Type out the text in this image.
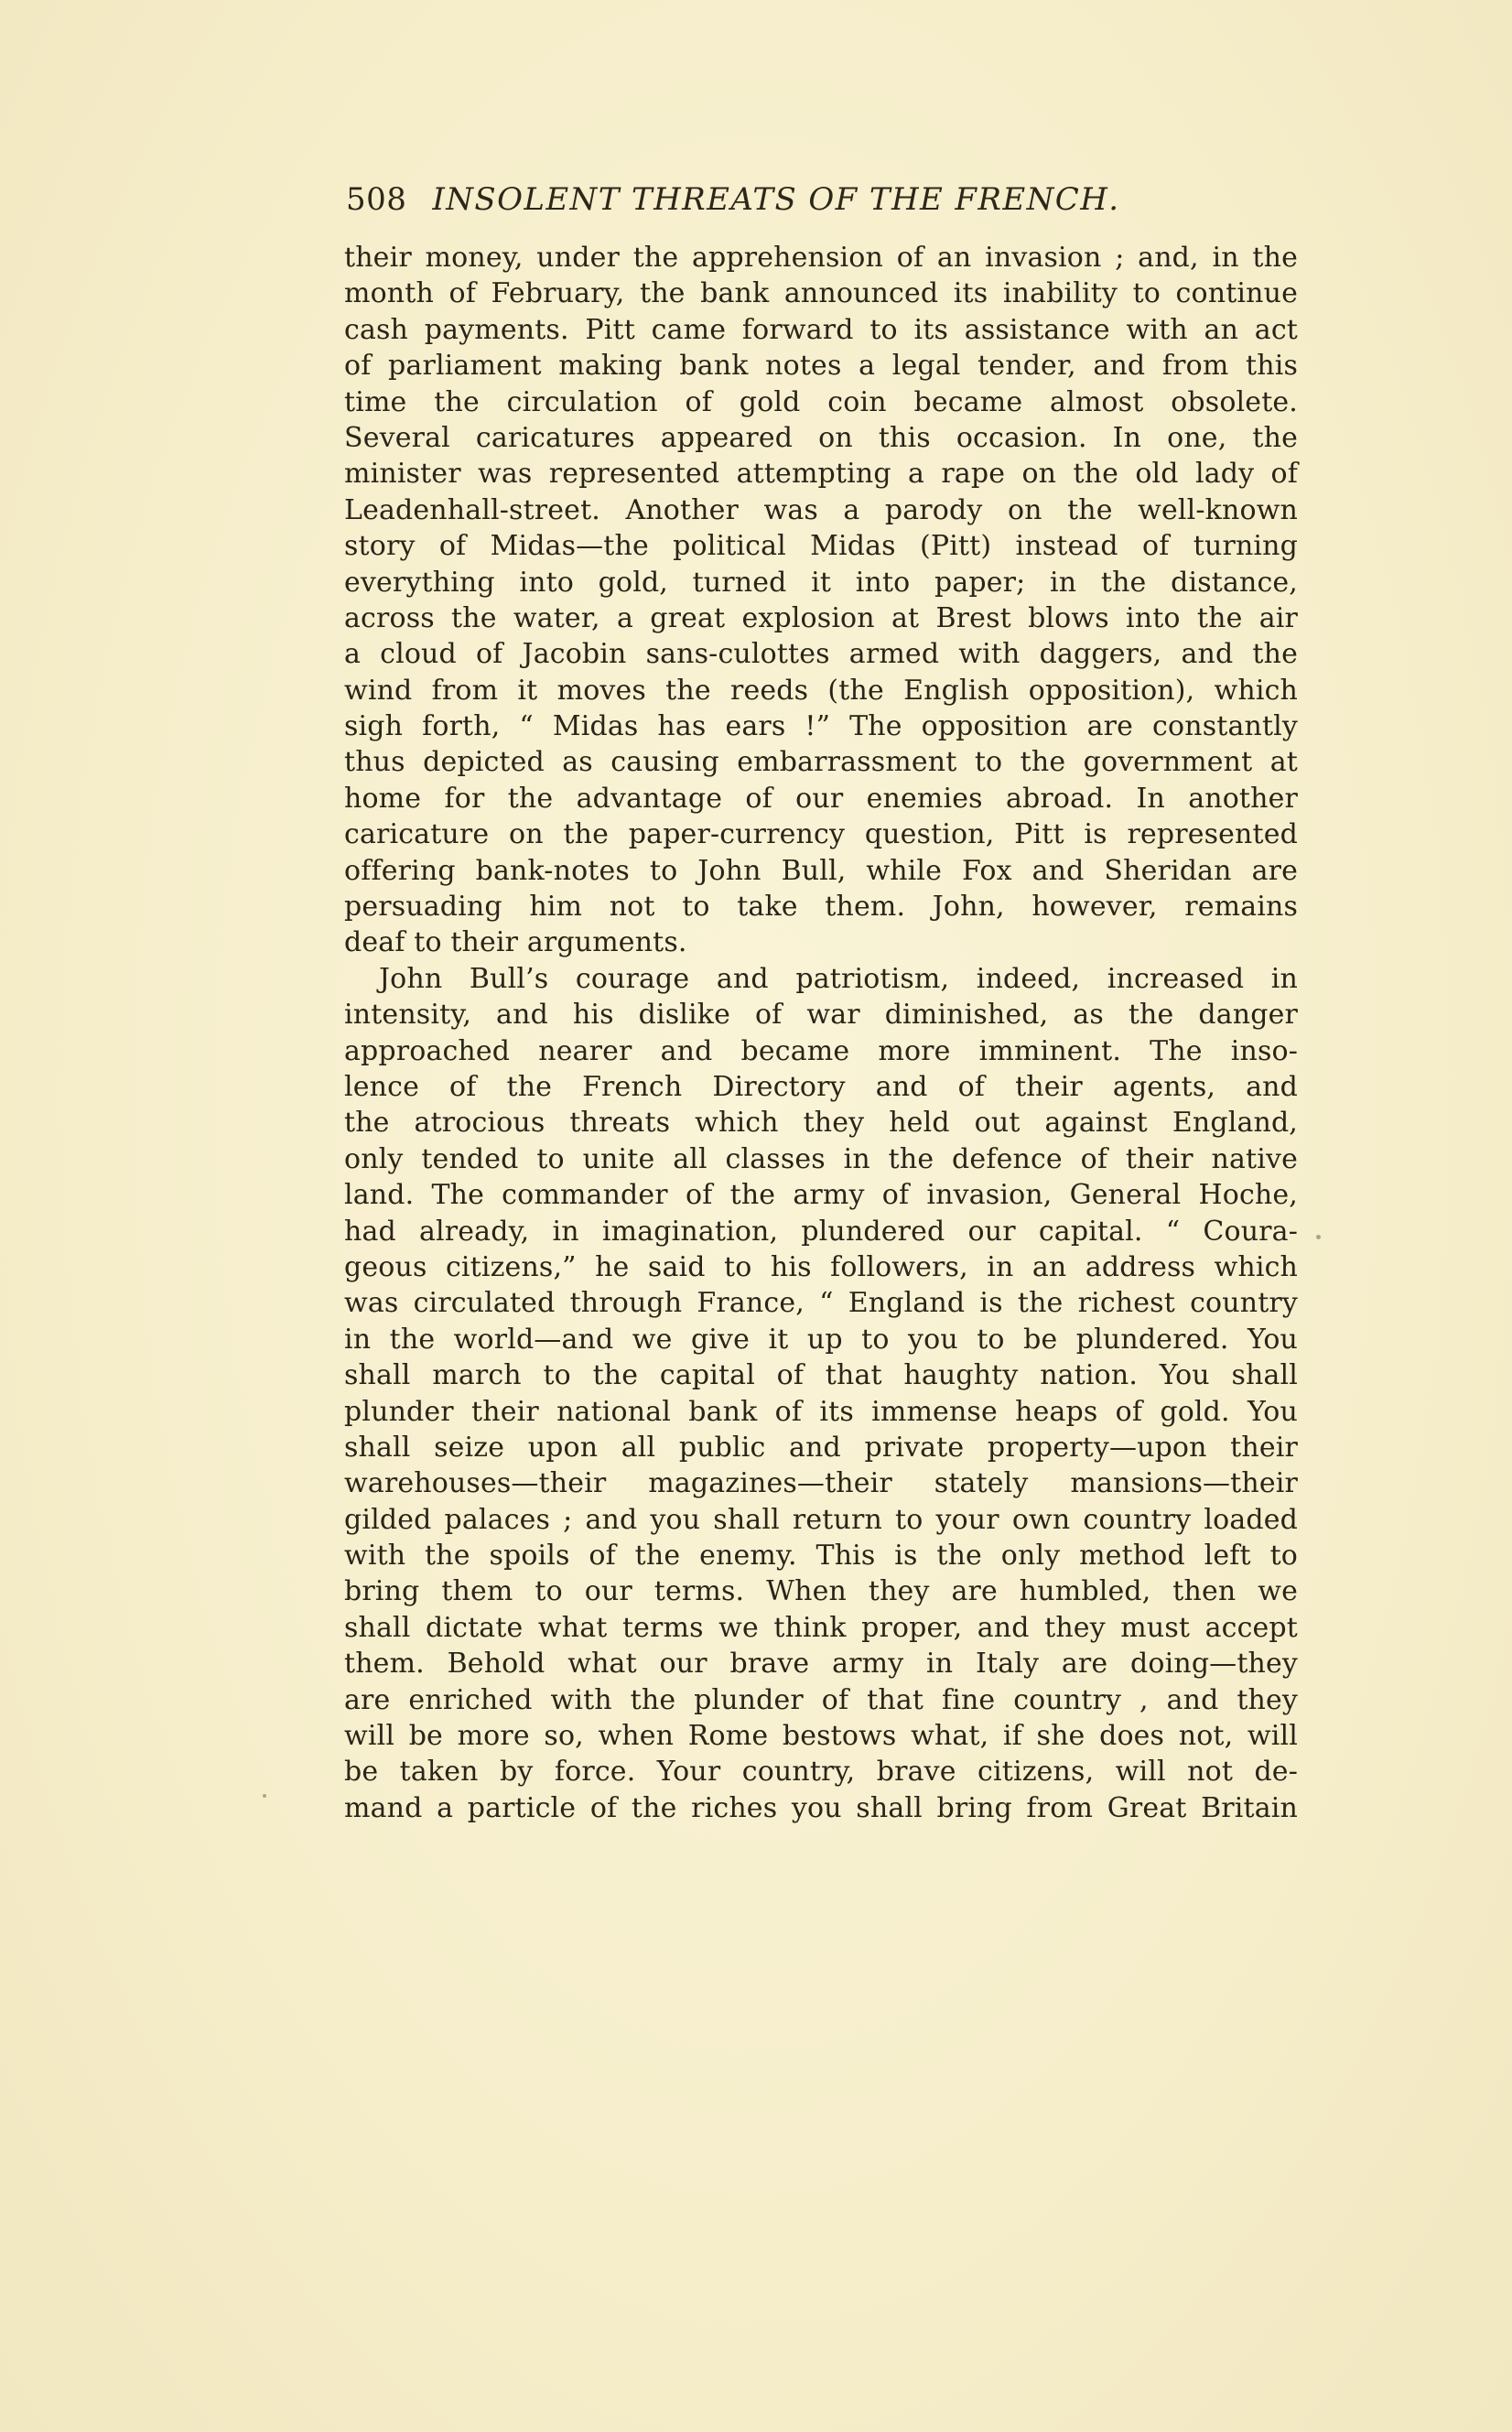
508 INSOLENT THREATS OF THE FRENCH.
their money, under the apprehension of an invasion ; and, in the
month of February, the bank announced its inability to continue
cash payments. Pitt came forward to its assistance with an act
of parliament making bank notes a legal tender, and from this
time the circulation of gold coin became almost obsolete.
Several caricatures appeared on this occasion. In one, the
minister was represented attempting a rape on the old lady of
Leadenhall-street. Another was a parody on the well-known
story of Midas—the political Midas (Pitt) instead of turning
everything into gold, turned it into paper; in the distance,
across the water, a great explosion at Brest blows into the air
a cloud of Jacobin sans-culottes armed with daggers, and the
wind from it moves the reeds (the English opposition), which
sigh forth, “ Midas has ears !” The opposition are constantly
thus depicted as causing embarrassment to the government at
home for the advantage of our enemies abroad. In another
caricature on the paper-currency question, Pitt is represented
offering bank-notes to John Bull, while Fox and Sheridan are
persuading him not to take them. John, however, remains
deaf to their arguments.
John Bull’s courage and patriotism, indeed, increased in
intensity, and his dislike of war diminished, as the danger
approached nearer and became more imminent. The inso-
lence of the French Directory and of their agents, and
the atrocious threats which they held out against England,
only tended to unite all classes in the defence of their native
land. The commander of the army of invasion, General Hoche,
had already, in imagination, plundered our capital. “ Coura-
geous citizens,” he said to his followers, in an address which
was circulated through France, “ England is the richest country
in the world—and we give it up to you to be plundered. You
shall march to the capital of that haughty nation. You shall
plunder their national bank of its immense heaps of gold. You
shall seize upon all public and private property—upon their
warehouses—their magazines—their stately mansions—their
gilded palaces ; and you shall return to your own country loaded
with the spoils of the enemy. This is the only method left to
bring them to our terms. When they are humbled, then we
shall dictate what terms we think proper, and they must accept
them. Behold what our brave army in Italy are doing—they
are enriched with the plunder of that fine country , and they
will be more so, when Rome bestows what, if she does not, will
be taken by force. Your country, brave citizens, will not de-
mand a particle of the riches you shall bring from Great Britain
